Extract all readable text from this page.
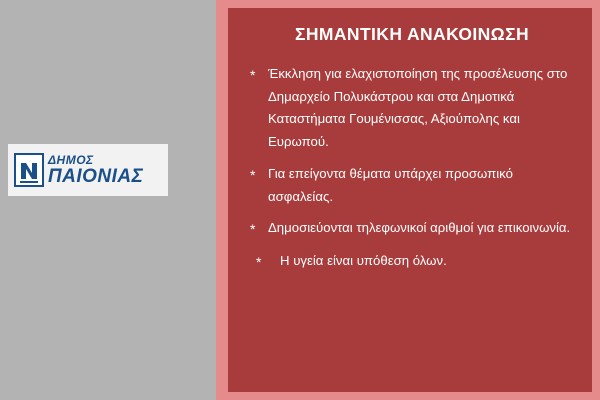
ΔΗΜΟΣ
ΠΑΙΟΝΙΑΣ
ΣΗΜΑΝΤΙΚΗ ΑΝΑΚΟΙΝΩΣΗ
* Έκκληση για ελαχιστοποίηση της προσέλευσης στο Δημαρχείο Πολυκάστρου και στα Δημοτικά Καταστήματα Γουμένισσας, Αξιούπολης και Ευρωπού.
* Για επείγοντα θέματα υπάρχει προσωπικό ασφαλείας.
* Δημοσιεύονται τηλεφωνικοί αριθμοί για επικοινωνία.
*	Η υγεία είναι υπόθεση όλων.
